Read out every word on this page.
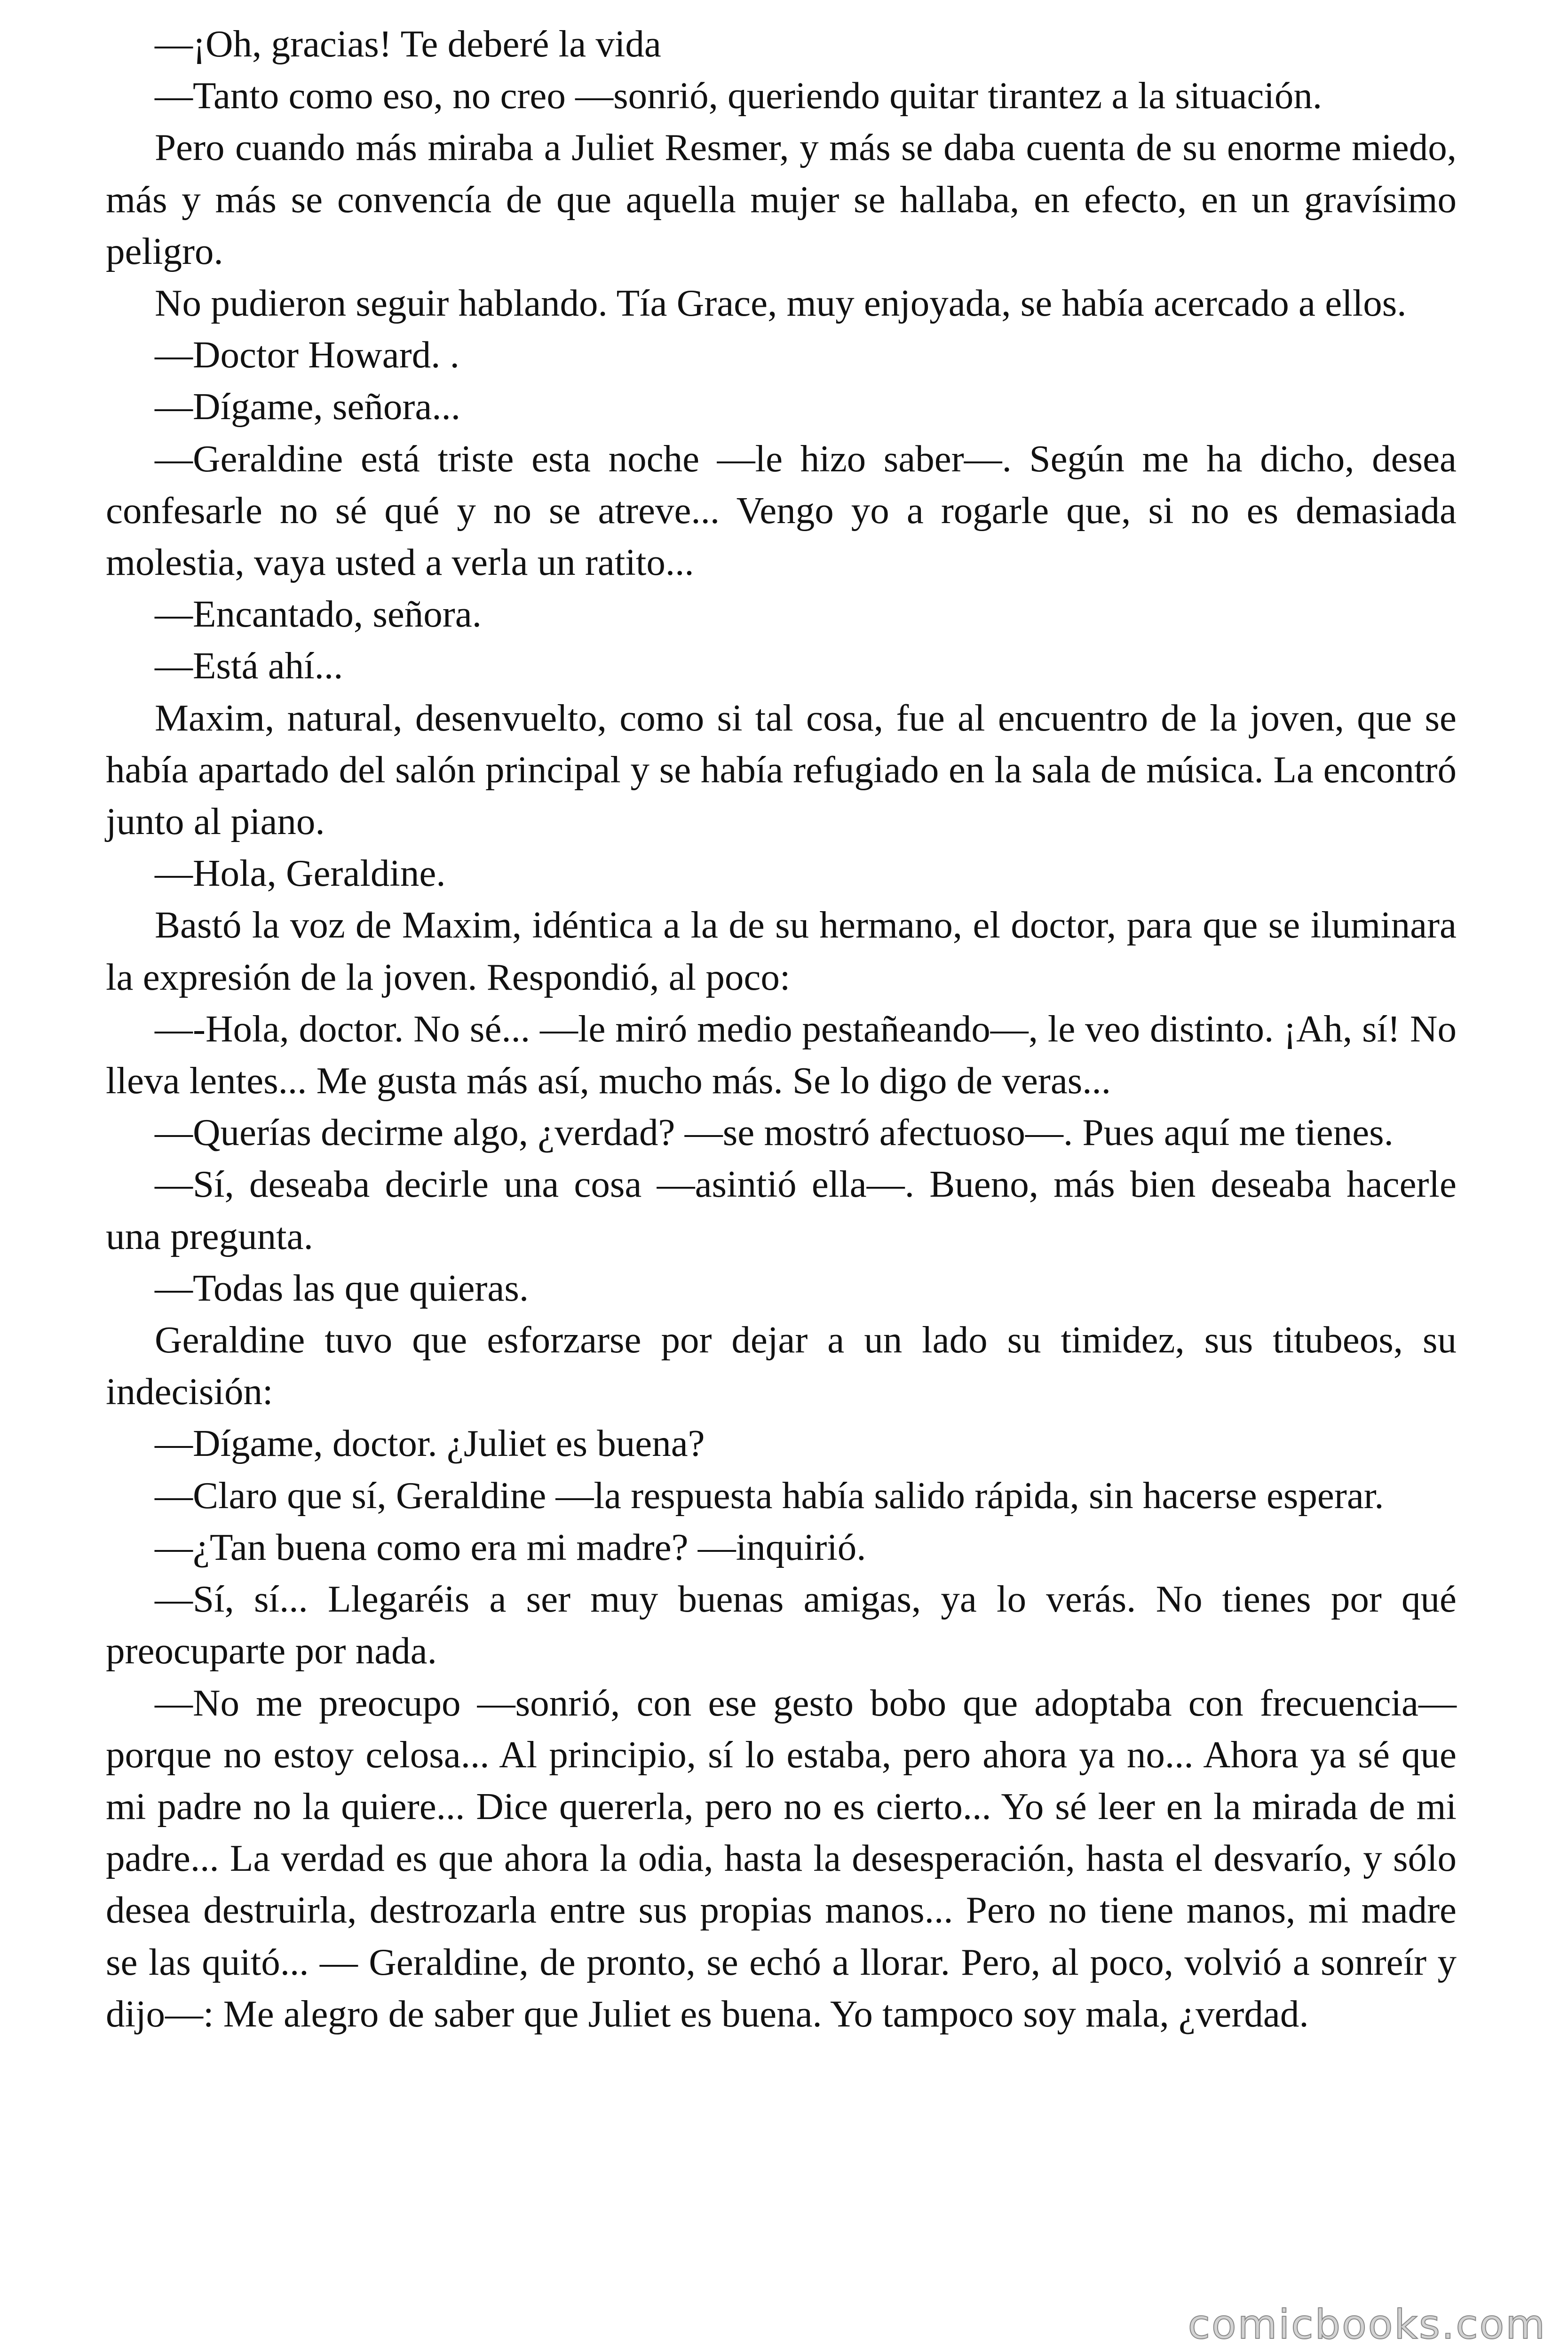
—¡Oh, gracias! Te deberé la vida

—Tanto como eso, no creo —sonrió, queriendo quitar tirantez a la situación.

Pero cuando más miraba a Juliet Resmer, y más se daba cuenta de su enorme miedo, más y más se convencía de que aquella mujer se hallaba, en efecto, en un gravísimo peligro.

No pudieron seguir hablando. Tía Grace, muy enjoyada, se había acercado a ellos.

—Doctor Howard. .

—Dígame, señora...

—Geraldine está triste esta noche —le hizo saber—. Según me ha dicho, desea confesarle no sé qué y no se atreve... Vengo yo a rogarle que, si no es demasiada molestia, vaya usted a verla un ratito...

—Encantado, señora.

—Está ahí...

Maxim, natural, desenvuelto, como si tal cosa, fue al encuentro de la joven, que se había apartado del salón principal y se había refugiado en la sala de música. La encontró junto al piano.

—Hola, Geraldine.

Bastó la voz de Maxim, idéntica a la de su hermano, el doctor, para que se iluminara la expresión de la joven. Respondió, al poco:

—-Hola, doctor. No sé... —le miró medio pestañeando—, le veo distinto. ¡Ah, sí! No lleva lentes... Me gusta más así, mucho más. Se lo digo de veras...

—Querías decirme algo, ¿verdad? —se mostró afectuoso—. Pues aquí me tienes.

—Sí, deseaba decirle una cosa —asintió ella—. Bueno, más bien deseaba hacerle una pregunta.

—Todas las que quieras.

Geraldine tuvo que esforzarse por dejar a un lado su timidez, sus titubeos, su indecisión:

—Dígame, doctor. ¿Juliet es buena?

—Claro que sí, Geraldine —la respuesta había salido rápida, sin hacerse esperar.

—¿Tan buena como era mi madre? —inquirió.

—Sí, sí... Llegaréis a ser muy buenas amigas, ya lo verás. No tienes por qué preocuparte por nada.

—No me preocupo —sonrió, con ese gesto bobo que adoptaba con frecuencia— porque no estoy celosa... Al principio, sí lo estaba, pero ahora ya no... Ahora ya sé que mi padre no la quiere... Dice quererla, pero no es cierto... Yo sé leer en la mirada de mi padre... La verdad es que ahora la odia, hasta la desesperación, hasta el desvarío, y sólo desea destruirla, destrozarla entre sus propias manos... Pero no tiene manos, mi madre se las quitó... — Geraldine, de pronto, se echó a llorar. Pero, al poco, volvió a sonreír y dijo—: Me alegro de saber que Juliet es buena. Yo tampoco soy mala, ¿verdad.

comicbooks.com
